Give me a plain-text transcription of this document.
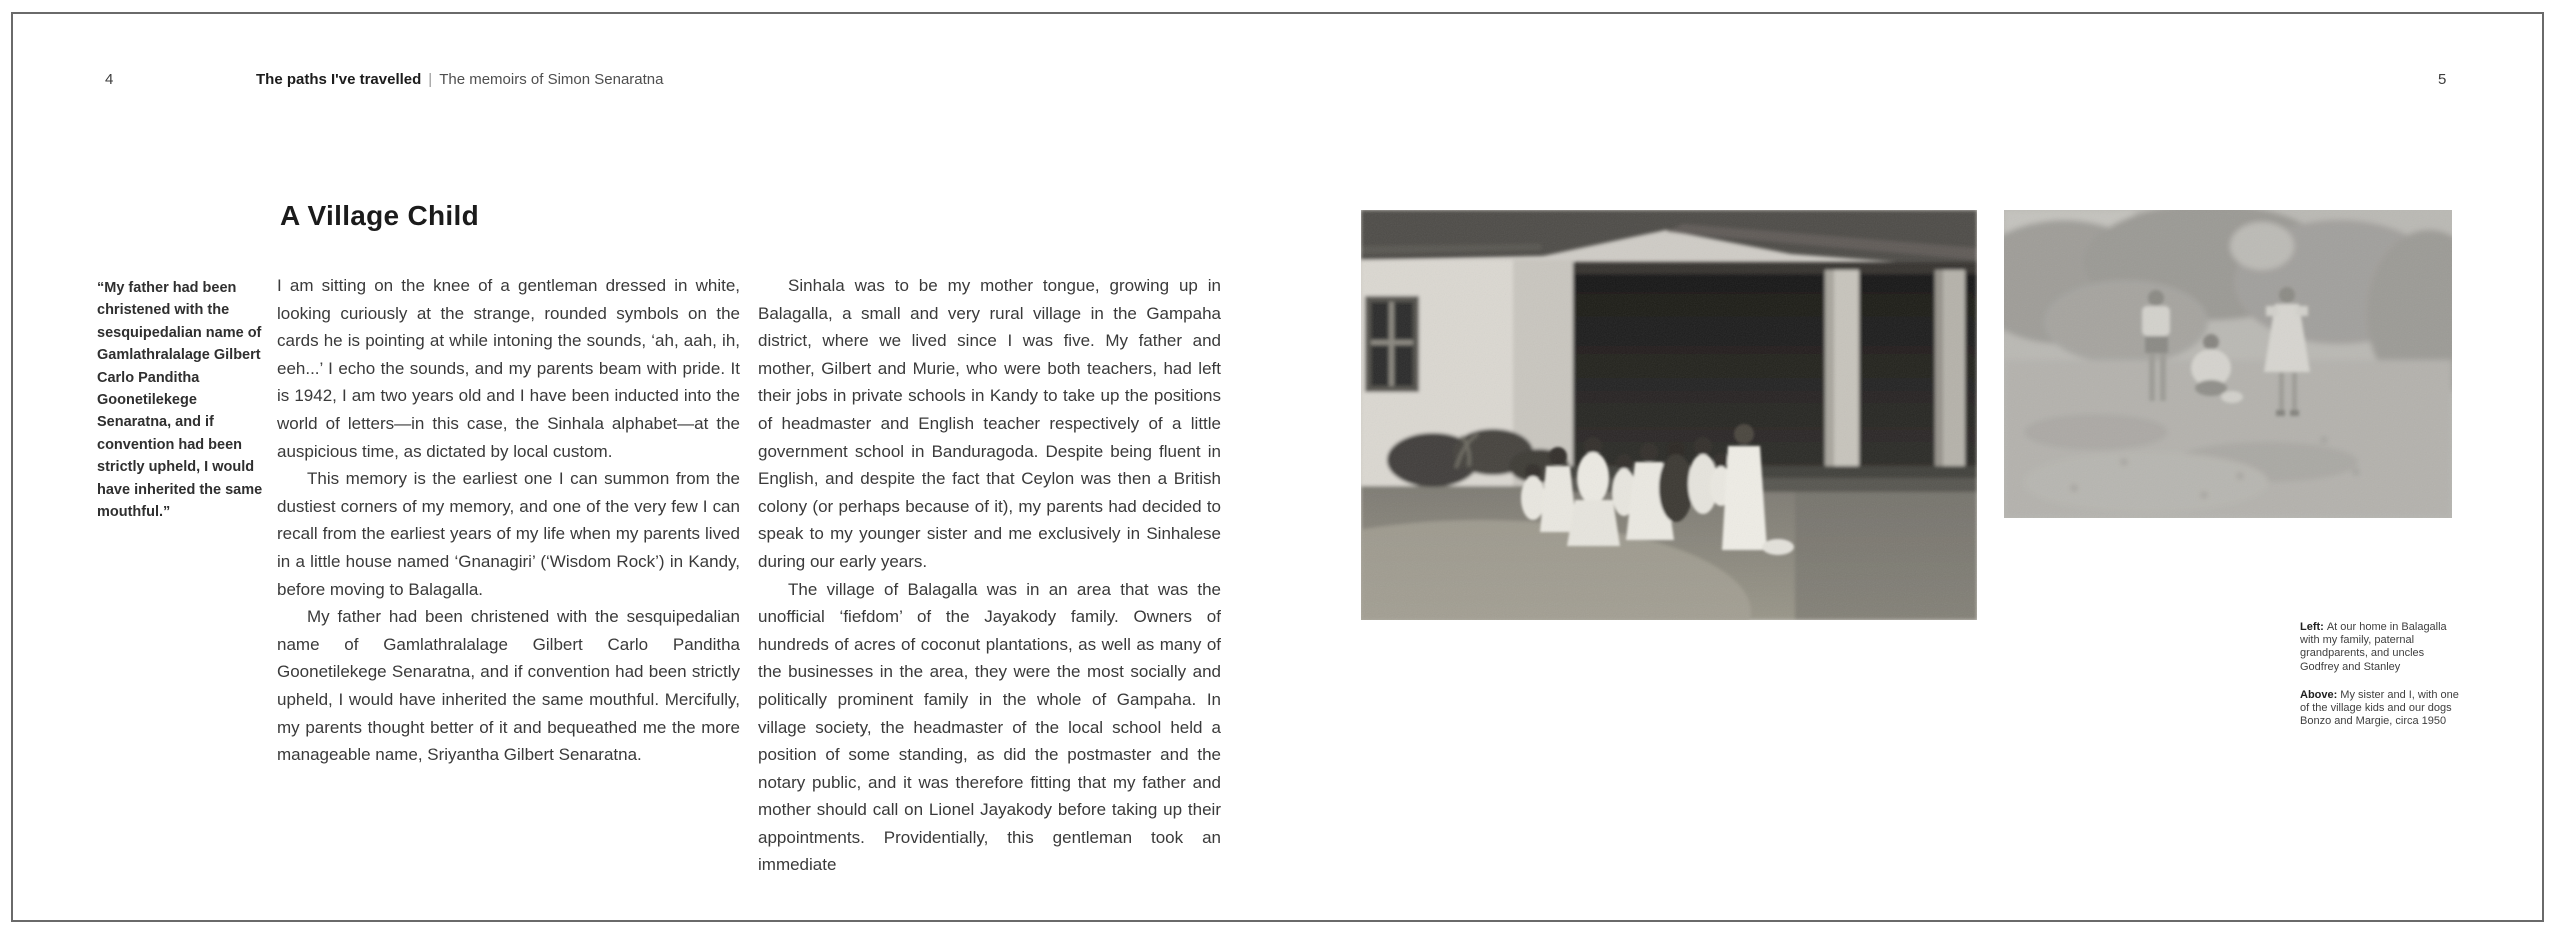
4	The paths I've travelled | The memoirs of Simon Senaratna	5
A Village Child
“My father had been christened with the sesquipedalian name of Gamlathralalage Gilbert Carlo Panditha Goonetilekege Senaratna, and if convention had been strictly upheld, I would have inherited the same mouthful.”

I am sitting on the knee of a gentleman dressed in white, looking curiously at the strange, rounded symbols on the cards he is pointing at while intoning the sounds, ‘ah, aah, ih, eeh...’ I echo the sounds, and my parents beam with pride. It is 1942, I am two years old and I have been inducted into the world of letters—in this case, the Sinhala alphabet—at the auspicious time, as dictated by local custom.

This memory is the earliest one I can summon from the dustiest corners of my memory, and one of the very few I can recall from the earliest years of my life when my parents lived in a little house named ‘Gnanagiri’ (‘Wisdom Rock’) in Kandy, before moving to Balagalla.

My father had been christened with the sesquipedalian name of Gamlathralalage Gilbert Carlo Panditha Goonetilekege Senaratna, and if convention had been strictly upheld, I would have inherited the same mouthful. Mercifully, my parents thought better of it and bequeathed me the more manageable name, Sriyantha Gilbert Senaratna.

Sinhala was to be my mother tongue, growing up in Balagalla, a small and very rural village in the Gampaha district, where we lived since I was five. My father and mother, Gilbert and Murie, who were both teachers, had left their jobs in private schools in Kandy to take up the positions of headmaster and English teacher respectively of a little government school in Banduragoda. Despite being fluent in English, and despite the fact that Ceylon was then a British colony (or perhaps because of it), my parents had decided to speak to my younger sister and me exclusively in Sinhalese during our early years.

The village of Balagalla was in an area that was the unofficial ‘fiefdom’ of the Jayakody family. Owners of hundreds of acres of coconut plantations, as well as many of the businesses in the area, they were the most socially and politically prominent family in the whole of Gampaha. In village society, the headmaster of the local school held a position of some standing, as did the postmaster and the notary public, and it was therefore fitting that my father and mother should call on Lionel Jayakody before taking up their appointments. Providentially, this gentleman took an immediate

Left: At our home in Balagalla with my family, paternal grandparents, and uncles Godfrey and Stanley

Above: My sister and I, with one of the village kids and our dogs Bonzo and Margie, circa 1950
